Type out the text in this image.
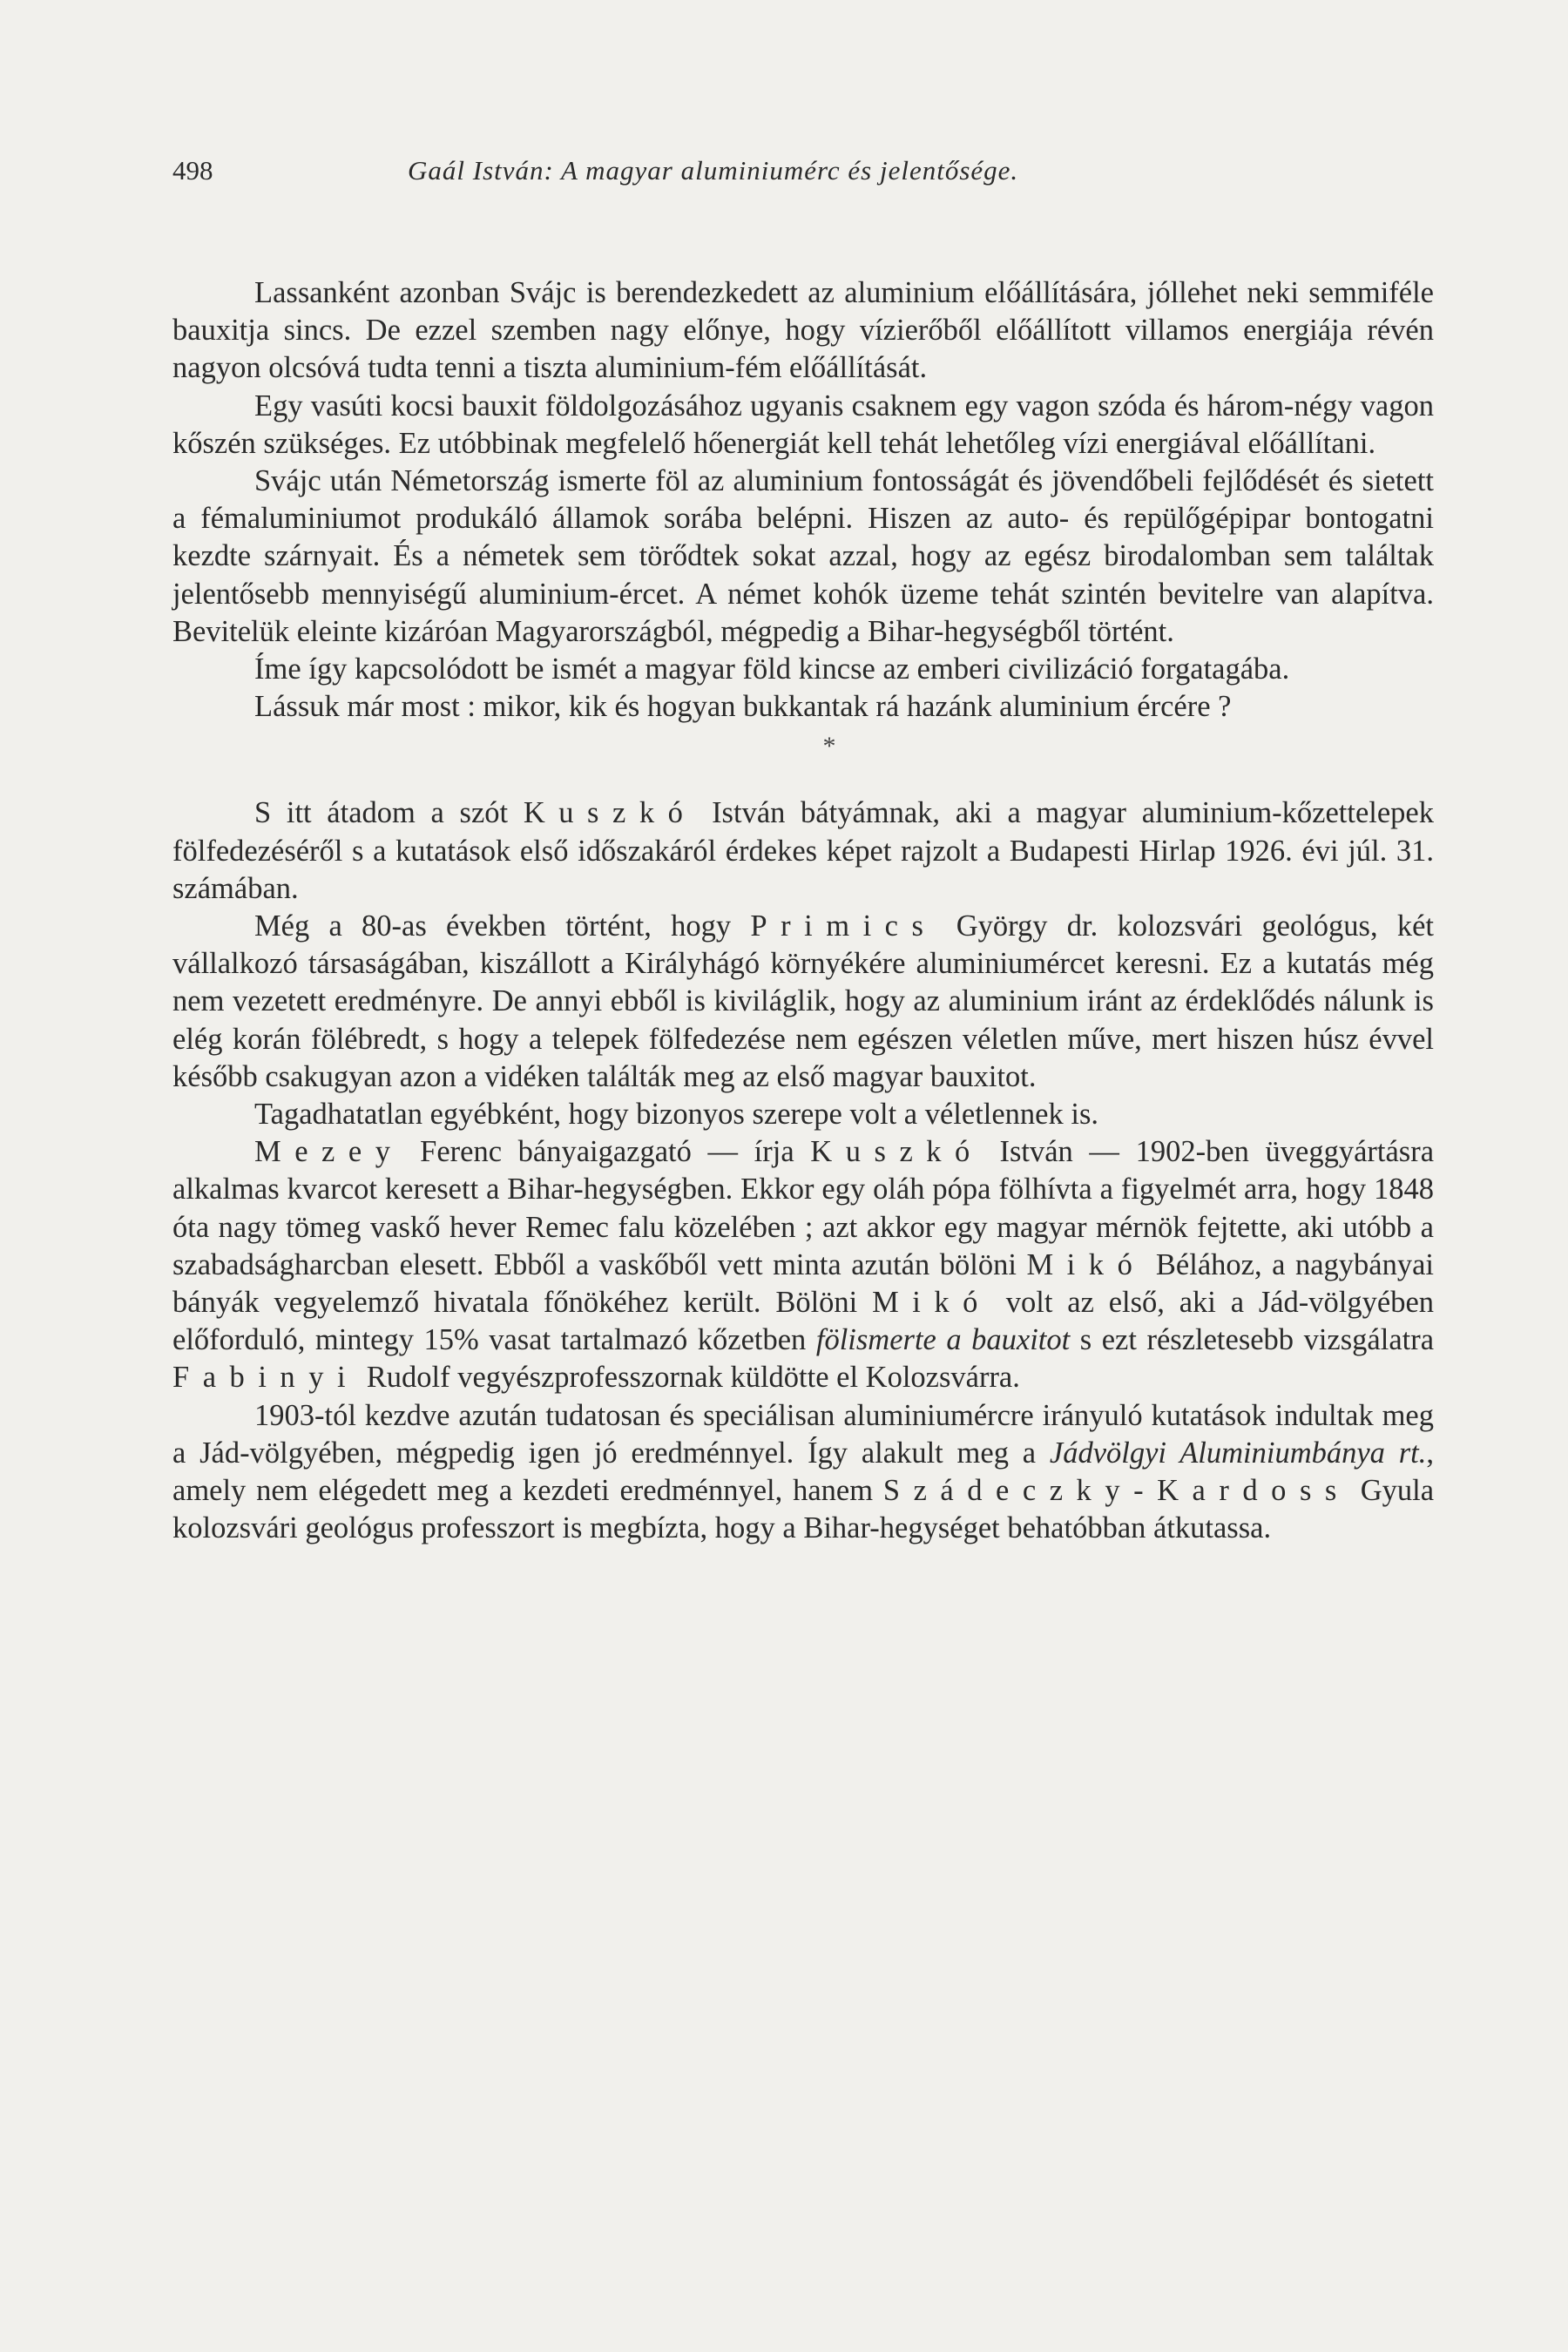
498	Gaál István: A magyar aluminiumérc és jelentősége.

Lassanként azonban Svájc is berendezkedett az aluminium előállítására, jóllehet neki semmiféle bauxitja sincs. De ezzel szemben nagy előnye, hogy vízierőből előállított villamos energiája révén nagyon olcsóvá tudta tenni a tiszta aluminium-fém előállítását.

Egy vasúti kocsi bauxit földolgozásához ugyanis csaknem egy vagon szóda és három-négy vagon kőszén szükséges. Ez utóbbinak megfelelő hőenergiát kell tehát lehetőleg vízi energiával előállítani.

Svájc után Németország ismerte föl az aluminium fontosságát és jövendőbeli fejlődését és sietett a fémaluminiumot produkáló államok sorába belépni. Hiszen az auto- és repülőgépipar bontogatni kezdte szárnyait. És a németek sem törődtek sokat azzal, hogy az egész birodalomban sem találtak jelentősebb mennyiségű aluminium-ércet. A német kohók üzeme tehát szintén bevitelre van alapítva. Bevitelük eleinte kizáróan Magyarországból, mégpedig a Bihar-hegységből történt.

Íme így kapcsolódott be ismét a magyar föld kincse az emberi civilizáció forgatagába.

Lássuk már most : mikor, kik és hogyan bukkantak rá hazánk aluminium ércére ?

*

S itt átadom a szót Kuszkó István bátyámnak, aki a magyar aluminium-kőzettelepek fölfedezéséről s a kutatások első időszakáról érdekes képet rajzolt a Budapesti Hirlap 1926. évi júl. 31. számában.

Még a 80-as években történt, hogy Primics György dr. kolozsvári geológus, két vállalkozó társaságában, kiszállott a Királyhágó környékére aluminiumércet keresni. Ez a kutatás még nem vezetett eredményre. De annyi ebből is kiviláglik, hogy az aluminium iránt az érdeklődés nálunk is elég korán fölébredt, s hogy a telepek fölfedezése nem egészen véletlen műve, mert hiszen húsz évvel később csakugyan azon a vidéken találták meg az első magyar bauxitot.

Tagadhatatlan egyébként, hogy bizonyos szerepe volt a véletlennek is.

Mezey Ferenc bányaigazgató — írja Kuszkó István — 1902-ben üveggyártásra alkalmas kvarcot keresett a Bihar-hegységben. Ekkor egy oláh pópa fölhívta a figyelmét arra, hogy 1848 óta nagy tömeg vaskő hever Remec falu közelében ; azt akkor egy magyar mérnök fejtette, aki utóbb a szabadságharcban elesett. Ebből a vaskőből vett minta azután bölöni Mikó Bélához, a nagybányai bányák vegyelemző hivatala főnökéhez került. Bölöni Mikó volt az első, aki a Jád-völgyében előforduló, mintegy 15% vasat tartalmazó kőzetben fölismerte a bauxitot s ezt részletesebb vizsgálatra Fabinyi Rudolf vegyészprofesszornak küldötte el Kolozsvárra.

1903-tól kezdve azután tudatosan és speciálisan aluminiumércre irányuló kutatások indultak meg a Jád-völgyében, mégpedig igen jó eredménnyel. Így alakult meg a Jádvölgyi Aluminiumbánya rt., amely nem elégedett meg a kezdeti eredménnyel, hanem Szádeczky-Kardoss Gyula kolozsvári geológus professzort is megbízta, hogy a Bihar-hegységet behatóbban átkutassa.
